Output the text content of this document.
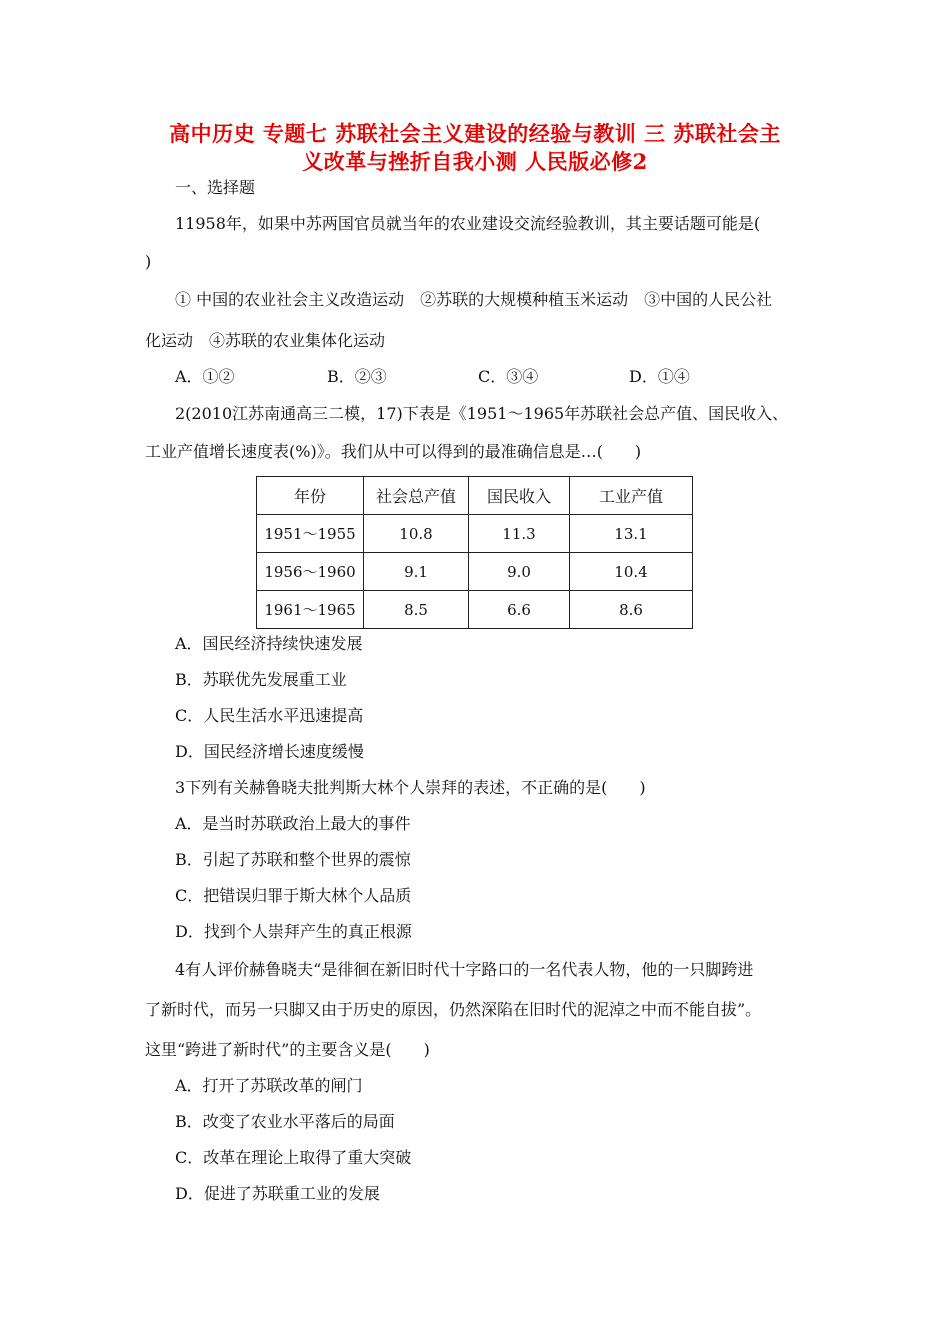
高中历史 专题七 苏联社会主义建设的经验与教训 三 苏联社会主
义改革与挫折自我小测 人民版必修2
一、选择题
11958年，如果中苏两国官员就当年的农业建设交流经验教训，其主要话题可能是(
)
① 中国的农业社会主义改造运动　②苏联的大规模种植玉米运动　③中国的人民公社
化运动　④苏联的农业集体化运动
A．①②	B．②③	C．③④	D．①④
2(2010江苏南通高三二模，17)下表是《1951～1965年苏联社会总产值、国民收入、
工业产值增长速度表(%)》。我们从中可以得到的最准确信息是…(　　)
年份	社会总产值	国民收入	工业产值
1951～1955	10.8	11.3	13.1
1956～1960	9.1	9.0	10.4
1961～1965	8.5	6.6	8.6
A．国民经济持续快速发展
B．苏联优先发展重工业
C．人民生活水平迅速提高
D．国民经济增长速度缓慢
3下列有关赫鲁晓夫批判斯大林个人崇拜的表述，不正确的是(　　)
A．是当时苏联政治上最大的事件
B．引起了苏联和整个世界的震惊
C．把错误归罪于斯大林个人品质
D．找到个人崇拜产生的真正根源
4有人评价赫鲁晓夫“是徘徊在新旧时代十字路口的一名代表人物，他的一只脚跨进
了新时代，而另一只脚又由于历史的原因，仍然深陷在旧时代的泥淖之中而不能自拔”。
这里“跨进了新时代”的主要含义是(　　)
A．打开了苏联改革的闸门
B．改变了农业水平落后的局面
C．改革在理论上取得了重大突破
D．促进了苏联重工业的发展
